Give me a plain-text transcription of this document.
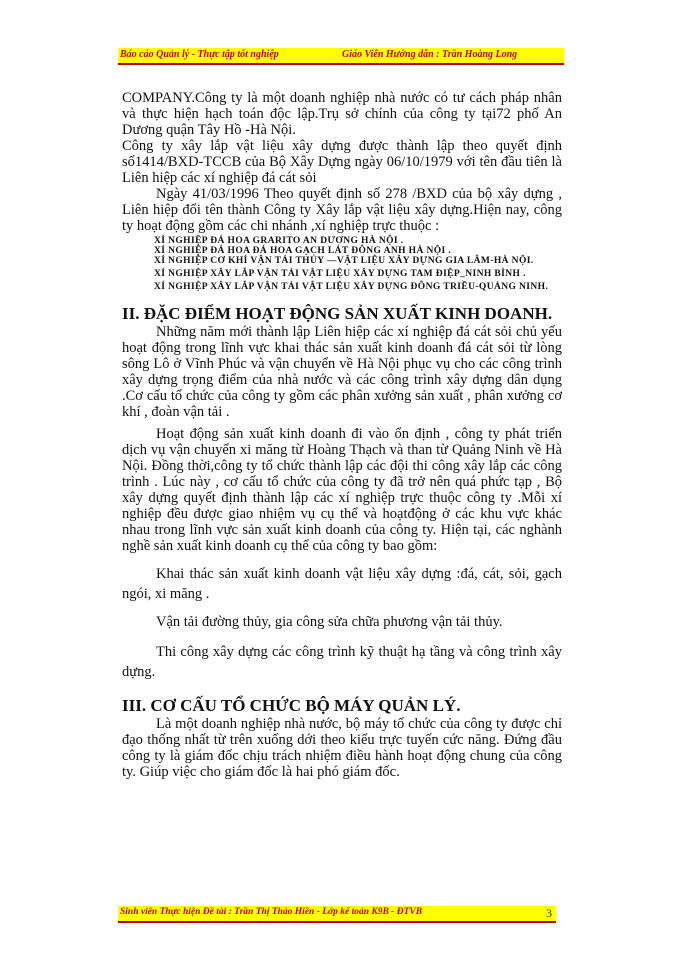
Báo cáo Quản lý - Thực tập tốt nghiệp	Giáo Viên Hướng dẫn : Trần Hoàng Long

COMPANY.Công ty là một doanh nghiệp nhà nước có tư cách pháp nhân và thực hiện hạch toán độc lập.Trụ sở chính của công ty tại72 phố An Dương quận Tây Hồ -Hà Nội.

Công ty xây lắp vật liệu xây dựng được thành lập theo quyết định số1414/BXD-TCCB của Bộ Xây Dựng ngày 06/10/1979 với tên đầu tiên là Liên hiệp các xí nghiệp đá cát sỏi

Ngày 41/03/1996 Theo quyết định số 278 /BXD của bộ xây dựng , Liên hiệp đổi tên thành Công ty Xây lắp vật liệu xây dựng.Hiện nay, công ty hoạt động gồm các chi nhánh ,xí nghiệp trực thuộc :

XÍ NGHIỆP ĐÁ HOA GRARITO AN DƯƠNG HÀ NỘI .
XÍ NGHIỆP ĐÁ HOA ĐÁ HOA GẠCH LÁT ĐÔNG ANH HÀ NỘI .
XÍ NGHIỆP CƠ KHÍ VẬN TẢI THỦY —VẬT LIỆU XÂY DỰNG GIA LÂM-HÀ NỘI.
XÍ NGHIỆP XÂY LẮP VẬN TẢI VẬT LIỆU XÂY DỰNG TAM ĐIỆP_NINH BÌNH .
XÍ NGHIỆP XÂY LẮP VẬN TẢI VẬT LIỆU XÂY DỰNG ĐÔNG TRIỀU-QUẢNG NINH.
II. ĐẶC ĐIỂM HOẠT ĐỘNG SẢN XUẤT KINH DOANH.

Những năm mới thành lập Liên hiệp các xí nghiệp đá cát sỏi chủ yếu hoạt động trong lĩnh vực khai thác sản xuất kinh doanh đá cát sỏi từ lòng sông Lô ở Vĩnh Phúc và vận chuyển về Hà Nội phục vụ cho các công trình xây dựng trọng điểm của nhà nước và các công trình xây dựng dân dụng .Cơ cấu tổ chức của công ty gồm các phân xưởng sản xuất , phân xưởng cơ khí , đoàn vận tải .

Hoạt động sản xuất kinh doanh đi vào ổn định , công ty phát triển dịch vụ vận chuyển xi măng từ Hoàng Thạch và than từ Quảng Ninh về Hà Nội. Đồng thời,công ty tổ chức thành lập các đội thi công xây lắp các công trình . Lúc này , cơ cấu tổ chức của công ty đã trở nên quá phức tạp , Bộ xây dựng quyết định thành lập các xí nghiệp trực thuộc công ty .Mỗi xí nghiệp đều được giao nhiệm vụ cụ thể và hoạtđộng ở các khu vực khác nhau trong lĩnh vực sản xuất kinh doanh của công ty. Hiện tại, các nghành nghề sản xuất kinh doanh cụ thể của công ty bao gồm:

Khai thác sản xuất kinh doanh vật liệu xây dựng :đá, cát, sỏi, gạch ngói, xi măng .

Vận tải đường thủy, gia công sửa chữa phương vận tải thủy.

Thi công xây dựng các công trình kỹ thuật hạ tầng và công trình xây dựng.

III. CƠ CẤU TỔ CHỨC BỘ MÁY QUẢN LÝ.

Là một doanh nghiệp nhà nước, bộ máy tổ chức của công ty được chỉ đạo thống nhất từ trên xuống dới theo kiểu trực tuyến cức năng. Đứng đầu công ty là giám đốc chịu trách nhiệm điều hành hoạt động chung của công ty. Giúp việc cho giám đốc là hai phó giám đốc.

Sinh viên Thực hiện Đề tài : Trần Thị Thảo Hiền - Lớp kế toán K9B - ĐTVB	3
